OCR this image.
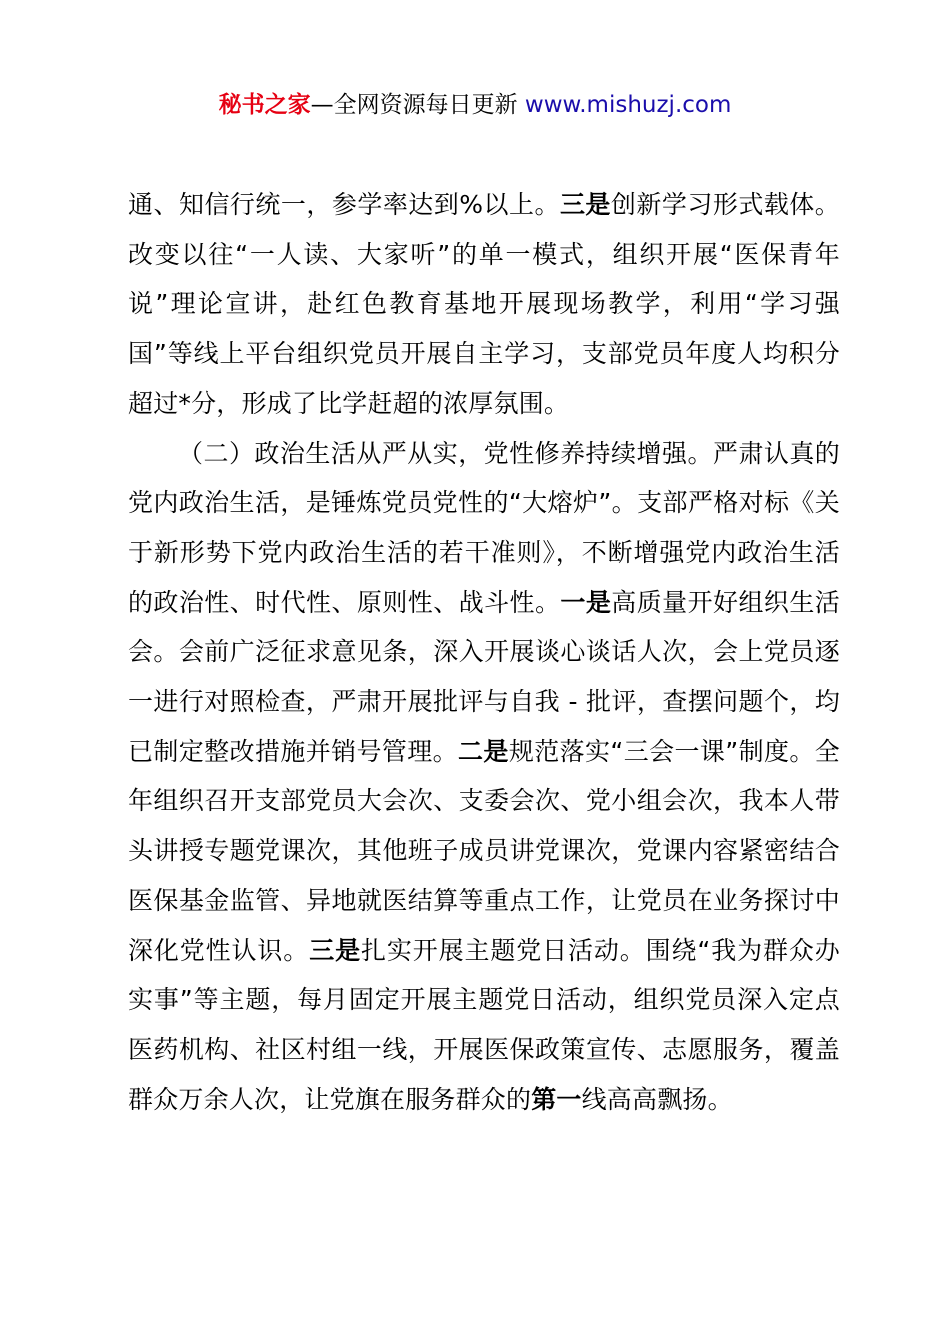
秘书之家—全网资源每日更新 www.mishuzj.com

通、知信行统一，参学率达到%以上。三是创新学习形式载体。改变以往“一人读、大家听”的单一模式，组织开展“医保青年说”理论宣讲，赴红色教育基地开展现场教学，利用“学习强国”等线上平台组织党员开展自主学习，支部党员年度人均积分超过*分，形成了比学赶超的浓厚氛围。

（二）政治生活从严从实，党性修养持续增强。严肃认真的党内政治生活，是锤炼党员党性的“大熔炉”。支部严格对标《关于新形势下党内政治生活的若干准则》，不断增强党内政治生活的政治性、时代性、原则性、战斗性。一是高质量开好组织生活会。会前广泛征求意见条，深入开展谈心谈话人次，会上党员逐一进行对照检查，严肃开展批评与自我 - 批评，查摆问题个，均已制定整改措施并销号管理。二是规范落实“三会一课”制度。全年组织召开支部党员大会次、支委会次、党小组会次，我本人带头讲授专题党课次，其他班子成员讲党课次，党课内容紧密结合医保基金监管、异地就医结算等重点工作，让党员在业务探讨中深化党性认识。三是扎实开展主题党日活动。围绕“我为群众办实事”等主题，每月固定开展主题党日活动，组织党员深入定点医药机构、社区村组一线，开展医保政策宣传、志愿服务，覆盖群众万余人次，让党旗在服务群众的第一线高高飘扬。
